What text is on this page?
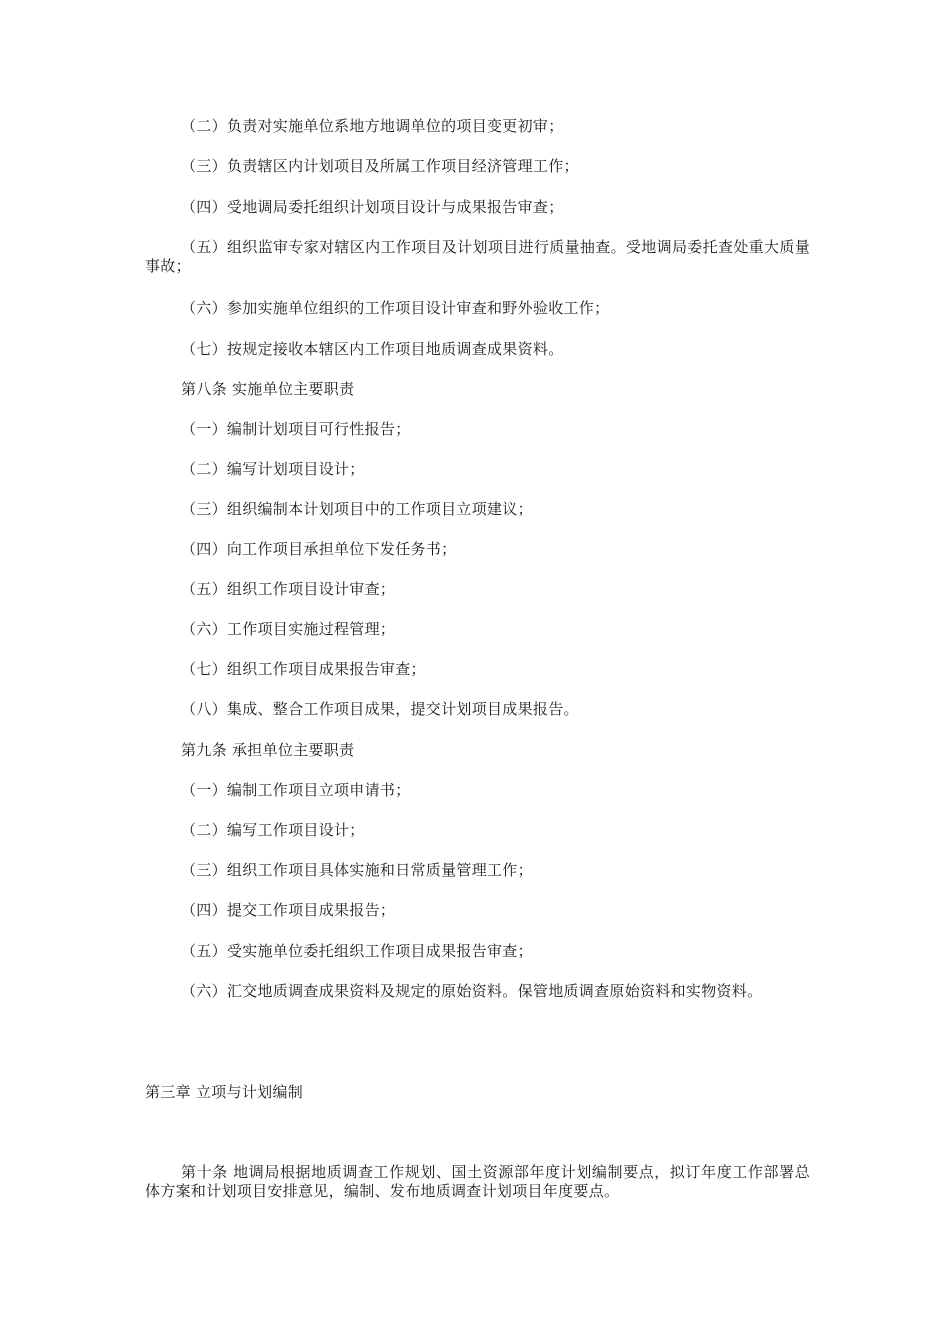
（二）负责对实施单位系地方地调单位的项目变更初审；

（三）负责辖区内计划项目及所属工作项目经济管理工作；

（四）受地调局委托组织计划项目设计与成果报告审查；

（五）组织监审专家对辖区内工作项目及计划项目进行质量抽查。受地调局委托查处重大质量事故；

（六）参加实施单位组织的工作项目设计审查和野外验收工作；

（七）按规定接收本辖区内工作项目地质调查成果资料。

第八条 实施单位主要职责

（一）编制计划项目可行性报告；

（二）编写计划项目设计；

（三）组织编制本计划项目中的工作项目立项建议；

（四）向工作项目承担单位下发任务书；

（五）组织工作项目设计审查；

（六）工作项目实施过程管理；

（七）组织工作项目成果报告审查；

（八）集成、整合工作项目成果，提交计划项目成果报告。

第九条 承担单位主要职责

（一）编制工作项目立项申请书；

（二）编写工作项目设计；

（三）组织工作项目具体实施和日常质量管理工作；

（四）提交工作项目成果报告；

（五）受实施单位委托组织工作项目成果报告审查；

（六）汇交地质调查成果资料及规定的原始资料。保管地质调查原始资料和实物资料。

第三章 立项与计划编制

第十条 地调局根据地质调查工作规划、国土资源部年度计划编制要点，拟订年度工作部署总体方案和计划项目安排意见，编制、发布地质调查计划项目年度要点。
